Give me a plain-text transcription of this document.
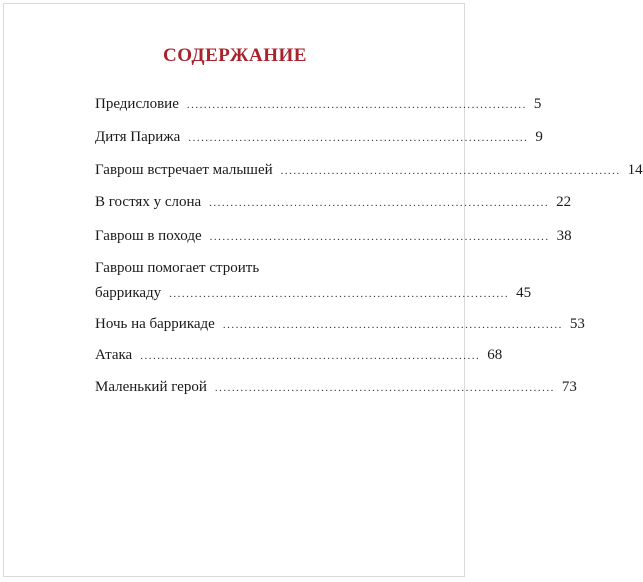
СОДЕРЖАНИЕ
Предисловие ................................................................................ 5
Дитя Парижа ................................................................................ 9
Гаврош встречает малышей ................................................................................ 14
В гостях у слона ................................................................................ 22
Гаврош в походе ................................................................................ 38
Гаврош помогает строить
баррикаду ................................................................................ 45
Ночь на баррикаде ................................................................................ 53
Атака ................................................................................ 68
Маленький герой ................................................................................ 73
